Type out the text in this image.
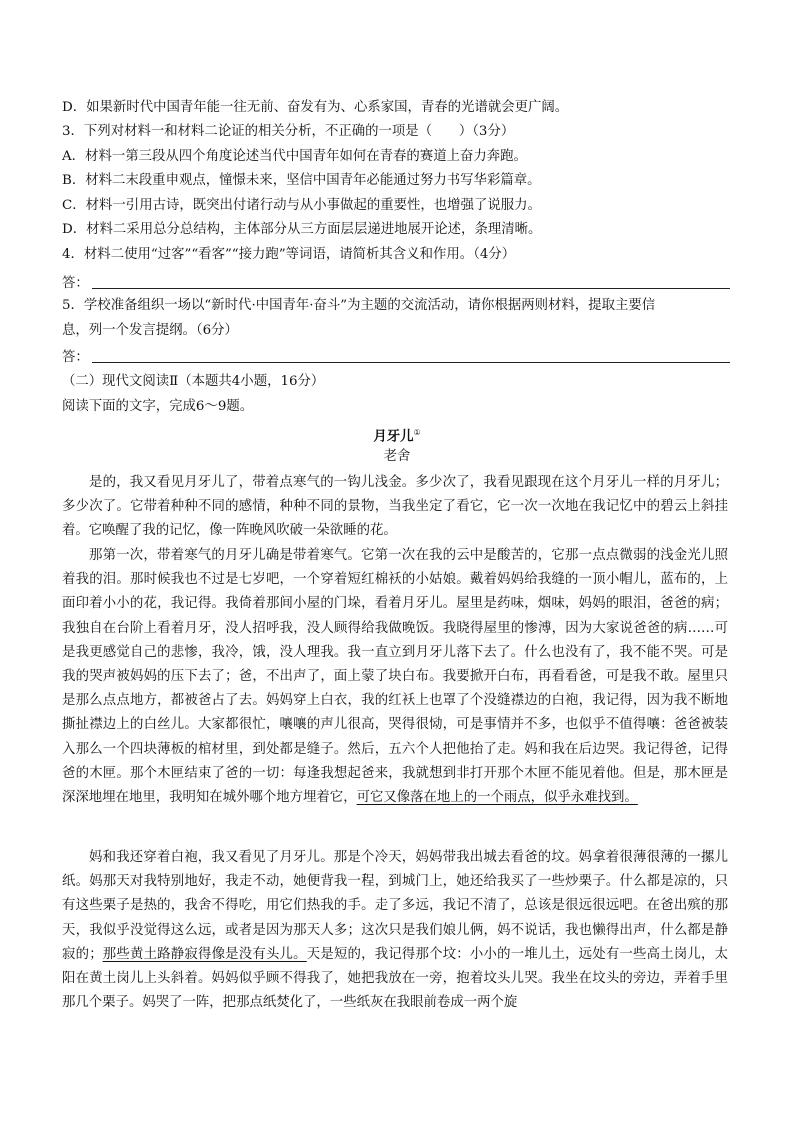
D．如果新时代中国青年能一往无前、奋发有为、心系家国，青春的光谱就会更广阔。
3．下列对材料一和材料二论证的相关分析，不正确的一项是（　　）（3分）
A．材料一第三段从四个角度论述当代中国青年如何在青春的赛道上奋力奔跑。
B．材料二末段重申观点，憧憬未来，坚信中国青年必能通过努力书写华彩篇章。
C．材料一引用古诗，既突出付诸行动与从小事做起的重要性，也增强了说服力。
D．材料二采用总分总结构，主体部分从三方面层层递进地展开论述，条理清晰。
4．材料二使用“过客”“看客”“接力跑”等词语，请简析其含义和作用。（4分）
答：
5．学校准备组织一场以“新时代·中国青年·奋斗”为主题的交流活动，请你根据两则材料，提取主要信
息，列一个发言提纲。（6分）
答：
（二）现代文阅读Ⅱ（本题共4小题，16分）
阅读下面的文字，完成6～9题。
月牙儿①
老舍
是的，我又看见月牙儿了，带着点寒气的一钩儿浅金。多少次了，我看见跟现在这个月牙儿一样的月牙儿；多少次了。它带着种种不同的感情，种种不同的景物，当我坐定了看它，它一次一次地在我记忆中的碧云上斜挂着。它唤醒了我的记忆，像一阵晚风吹破一朵欲睡的花。
那第一次，带着寒气的月牙儿确是带着寒气。它第一次在我的云中是酸苦的，它那一点点微弱的浅金光儿照着我的泪。那时候我也不过是七岁吧，一个穿着短红棉袄的小姑娘。戴着妈妈给我缝的一顶小帽儿，蓝布的，上面印着小小的花，我记得。我倚着那间小屋的门垛，看着月牙儿。屋里是药味，烟味，妈妈的眼泪，爸爸的病；我独自在台阶上看着月牙，没人招呼我，没人顾得给我做晚饭。我晓得屋里的惨溥，因为大家说爸爸的病……可是我更感觉自己的悲惨，我冷，饿，没人理我。我一直立到月牙儿落下去了。什么也没有了，我不能不哭。可是我的哭声被妈妈的压下去了；爸，不出声了，面上蒙了块白布。我要掀开白布，再看看爸，可是我不敢。屋里只是那么点点地方，都被爸占了去。妈妈穿上白衣，我的红袄上也罩了个没缝襟边的白袍，我记得，因为我不断地撕扯襟边上的白丝儿。大家都很忙，嚷嚷的声儿很高，哭得很恸，可是事情并不多，也似乎不值得嚷：爸爸被装入那么一个四块薄板的棺材里，到处都是缝子。然后，五六个人把他抬了走。妈和我在后边哭。我记得爸，记得爸的木匣。那个木匣结束了爸的一切：每逢我想起爸来，我就想到非打开那个木匣不能见着他。但是，那木匣是深深地埋在地里，我明知在城外哪个地方埋着它，可它又像落在地上的一个雨点，似乎永难找到。
妈和我还穿着白袍，我又看见了月牙儿。那是个冷天，妈妈带我出城去看爸的坟。妈拿着很薄很薄的一摞儿纸。妈那天对我特别地好，我走不动，她便背我一程，到城门上，她还给我买了一些炒栗子。什么都是凉的，只有这些栗子是热的，我舍不得吃，用它们热我的手。走了多远，我记不清了，总该是很远很远吧。在爸出殡的那天，我似乎没觉得这么远，或者是因为那天人多；这次只是我们娘儿俩，妈不说话，我也懒得出声，什么都是静寂的；那些黄土路静寂得像是没有头儿。天是短的，我记得那个坟：小小的一堆儿土，远处有一些高土岗儿，太阳在黄土岗儿上头斜着。妈妈似乎顾不得我了，她把我放在一旁，抱着坟头儿哭。我坐在坟头的旁边，弄着手里那几个栗子。妈哭了一阵，把那点纸焚化了，一些纸灰在我眼前卷成一两个旋
